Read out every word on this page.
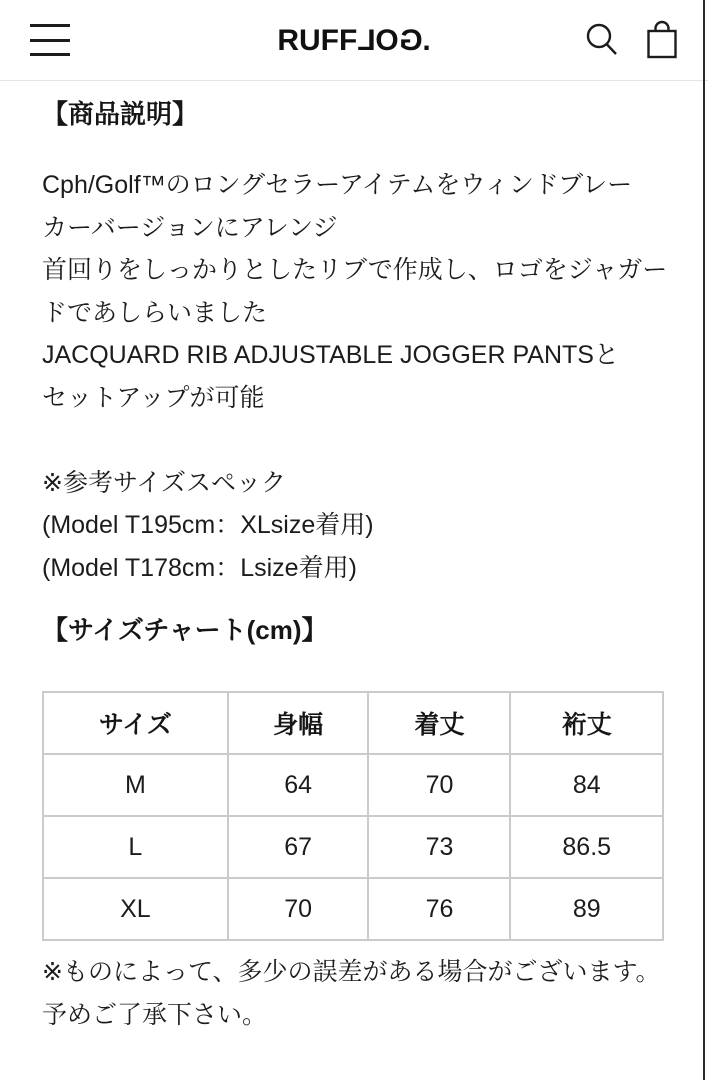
RUFFLOG.
【商品説明】
Cph/Golf™のロングセラーアイテムをウィンドブレー
カーバージョンにアレンジ
首回りをしっかりとしたリブで作成し、ロゴをジャガー
ドであしらいました
JACQUARD RIB ADJUSTABLE JOGGER PANTSと
セットアップが可能
※参考サイズスペック
(Model T195cm：XLsize着用)
(Model T178cm：Lsize着用)
【サイズチャート(cm)】
サイズ	身幅	着丈	裄丈
M	64	70	84
L	67	73	86.5
XL	70	76	89
※ものによって、多少の誤差がある場合がございます。
予めご了承下さい。
